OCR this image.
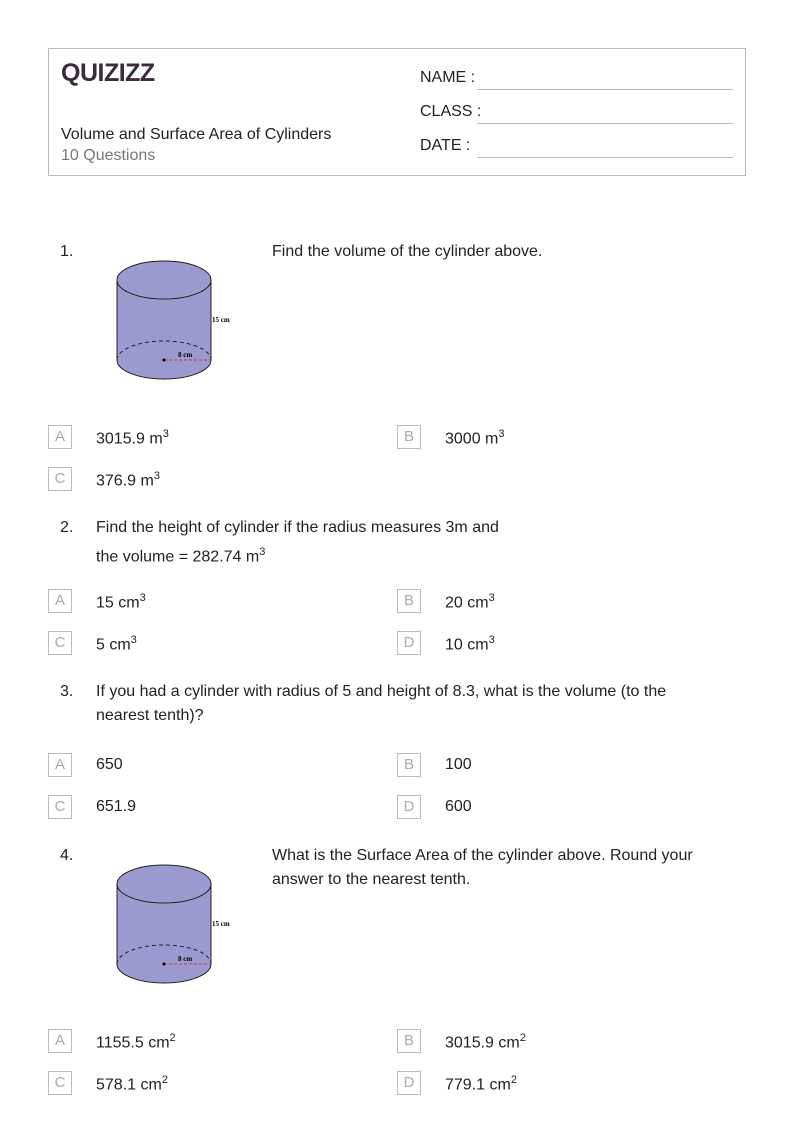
QUIZIZZ
Volume and Surface Area of Cylinders
10 Questions
NAME :
CLASS :
DATE :
1.
8 cm
15 cm
Find the volume of the cylinder above.
A	3015.9 $m^3$	B	3000 $m^3$
C	376.9 $m^3$
2. Find the height of cylinder if the radius measures 3m and
the volume = 282.74 $m^3$
A	15 $cm^3$	B	20 $cm^3$
C	5 $cm^3$	D	10 $cm^3$
3. If you had a cylinder with radius of 5 and height of 8.3, what is the volume (to the
nearest tenth)?
A	650	B	100
C	651.9	D	600
4.
8 cm
15 cm
What is the Surface Area of the cylinder above. Round your
answer to the nearest tenth.
A	1155.5 $cm^2$	B	3015.9 $cm^2$
C	578.1 $cm^2$	D	779.1 $cm^2$
